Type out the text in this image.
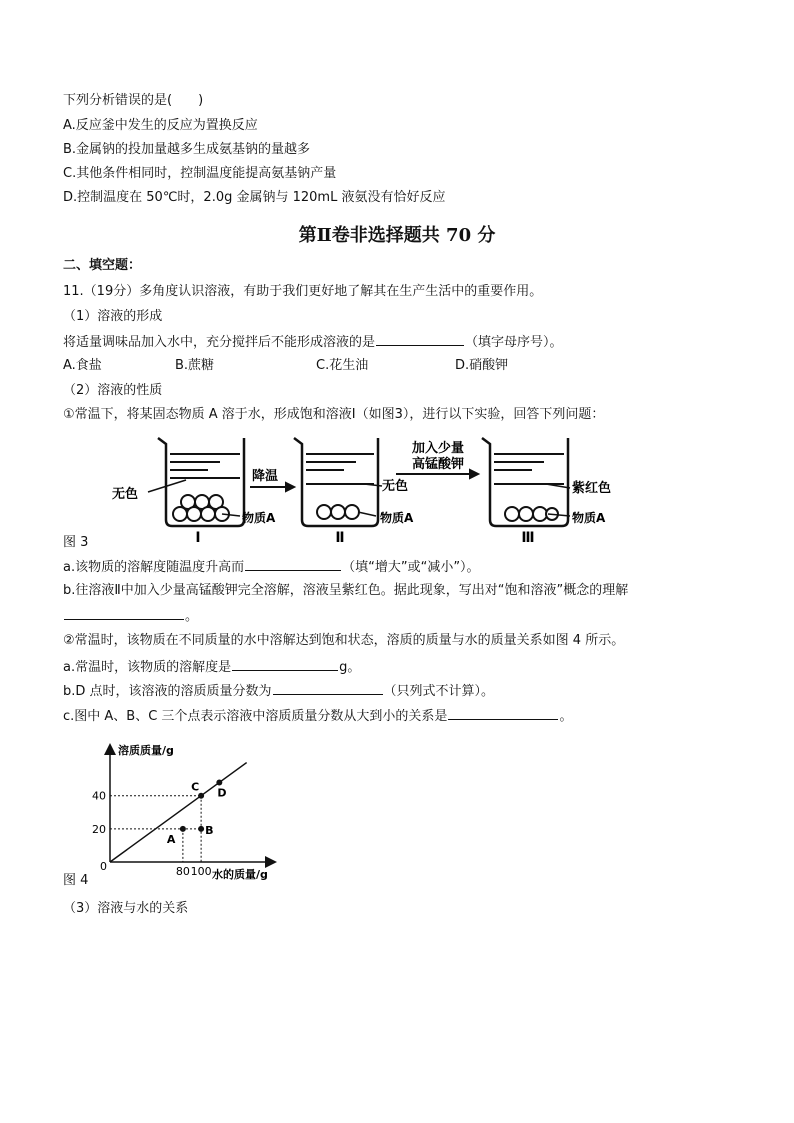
下列分析错误的是(　　)
A.反应釜中发生的反应为置换反应
B.金属钠的投加量越多生成氨基钠的量越多
C.其他条件相同时，控制温度能提高氨基钠产量
D.控制温度在 50℃时，2.0g 金属钠与 120mL 液氨没有恰好反应
第Ⅱ卷非选择题共 70 分
二、填空题：
11.（19分）多角度认识溶液，有助于我们更好地了解其在生产生活中的重要作用。
（1）溶液的形成
将适量调味品加入水中，充分搅拌后不能形成溶液的是	（填字母序号）。
A.食盐	B.蔗糖	C.花生油	D.硝酸钾
（2）溶液的性质
①常温下，将某固态物质 A 溶于水，形成饱和溶液Ⅰ（如图3），进行以下实验，回答下列问题：
无色
降温
无色
加入少量
高锰酸钾
紫红色
物质A	物质A	物质A
Ⅰ	Ⅱ	Ⅲ
图 3
a.该物质的溶解度随温度升高而	（填“增大”或“减小”）。
b.往溶液Ⅱ中加入少量高锰酸钾完全溶解，溶液呈紫红色。据此现象，写出对“饱和溶液”概念的理解
。
②常温时，该物质在不同质量的水中溶解达到饱和状态，溶质的质量与水的质量关系如图 4 所示。
a.常温时，该物质的溶解度是	g。
b.D 点时，该溶液的溶质质量分数为	（只列式不计算）。
c.图中 A、B、C 三个点表示溶液中溶质质量分数从大到小的关系是	。
A
B
C D
20
40
80 100
溶质质量/g
水的质量/g
0
图 4
（3）溶液与水的关系
